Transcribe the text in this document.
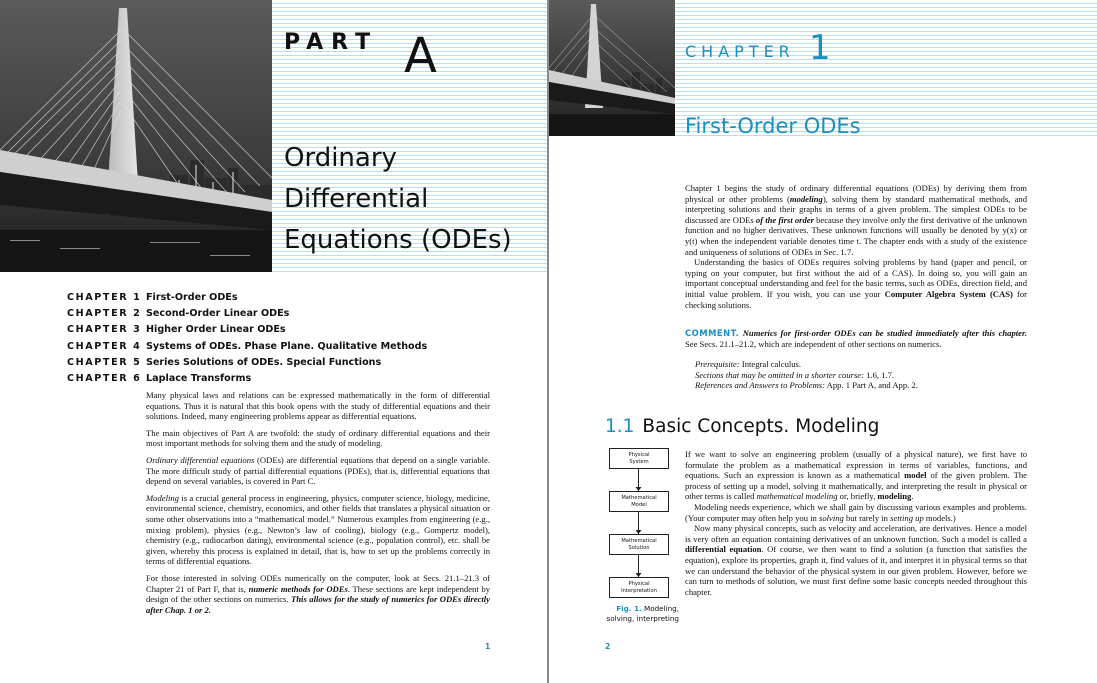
PART A
Ordinary
Differential
Equations (ODEs)
CHAPTER 1 First-Order ODEs
CHAPTER 2 Second-Order Linear ODEs
CHAPTER 3 Higher Order Linear ODEs
CHAPTER 4 Systems of ODEs. Phase Plane. Qualitative Methods
CHAPTER 5 Series Solutions of ODEs. Special Functions
CHAPTER 6 Laplace Transforms

Many physical laws and relations can be expressed mathematically in the form of differential equations. Thus it is natural that this book opens with the study of differential equations and their solutions. Indeed, many engineering problems appear as differential equations.

The main objectives of Part A are twofold: the study of ordinary differential equations and their most important methods for solving them and the study of modeling.

Ordinary differential equations (ODEs) are differential equations that depend on a single variable. The more difficult study of partial differential equations (PDEs), that is, differential equations that depend on several variables, is covered in Part C.

Modeling is a crucial general process in engineering, physics, computer science, biology, medicine, environmental science, chemistry, economics, and other fields that translates a physical situation or some other observations into a “mathematical model.” Numerous examples from engineering (e.g., mixing problem), physics (e.g., Newton’s law of cooling), biology (e.g., Gompertz model), chemistry (e.g., radiocarbon dating), environmental science (e.g., population control), etc. shall be given, whereby this process is explained in detail, that is, how to set up the problems correctly in terms of differential equations.

For those interested in solving ODEs numerically on the computer, look at Secs. 21.1–21.3 of Chapter 21 of Part F, that is, numeric methods for ODEs. These sections are kept independent by design of the other sections on numerics. This allows for the study of numerics for ODEs directly after Chap. 1 or 2.

1
CHAPTER 1
First-Order ODEs

Chapter 1 begins the study of ordinary differential equations (ODEs) by deriving them from physical or other problems (modeling), solving them by standard mathematical methods, and interpreting solutions and their graphs in terms of a given problem. The simplest ODEs to be discussed are ODEs of the first order because they involve only the first derivative of the unknown function and no higher derivatives. These unknown functions will usually be denoted by y(x) or y(t) when the independent variable denotes time t. The chapter ends with a study of the existence and uniqueness of solutions of ODEs in Sec. 1.7.

Understanding the basics of ODEs requires solving problems by hand (paper and pencil, or typing on your computer, but first without the aid of a CAS). In doing so, you will gain an important conceptual understanding and feel for the basic terms, such as ODEs, direction field, and initial value problem. If you wish, you can use your Computer Algebra System (CAS) for checking solutions.

COMMENT. Numerics for first-order ODEs can be studied immediately after this chapter. See Secs. 21.1–21.2, which are independent of other sections on numerics.
Prerequisite: Integral calculus.
Sections that may be omitted in a shorter course: 1.6, 1.7.
References and Answers to Problems: App. 1 Part A, and App. 2.
1.1 Basic Concepts. Modeling
Physical
System
Mathematical
Model
Mathematical
Solution
Physical
Interpretation
Fig. 1. Modeling,
solving, interpreting

If we want to solve an engineering problem (usually of a physical nature), we first have to formulate the problem as a mathematical expression in terms of variables, functions, and equations. Such an expression is known as a mathematical model of the given problem. The process of setting up a model, solving it mathematically, and interpreting the result in physical or other terms is called mathematical modeling or, briefly, modeling.

Modeling needs experience, which we shall gain by discussing various examples and problems. (Your computer may often help you in solving but rarely in setting up models.)

Now many physical concepts, such as velocity and acceleration, are derivatives. Hence a model is very often an equation containing derivatives of an unknown function. Such a model is called a differential equation. Of course, we then want to find a solution (a function that satisfies the equation), explore its properties, graph it, find values of it, and interpret it in physical terms so that we can understand the behavior of the physical system in our given problem. However, before we can turn to methods of solution, we must first define some basic concepts needed throughout this chapter.

2
